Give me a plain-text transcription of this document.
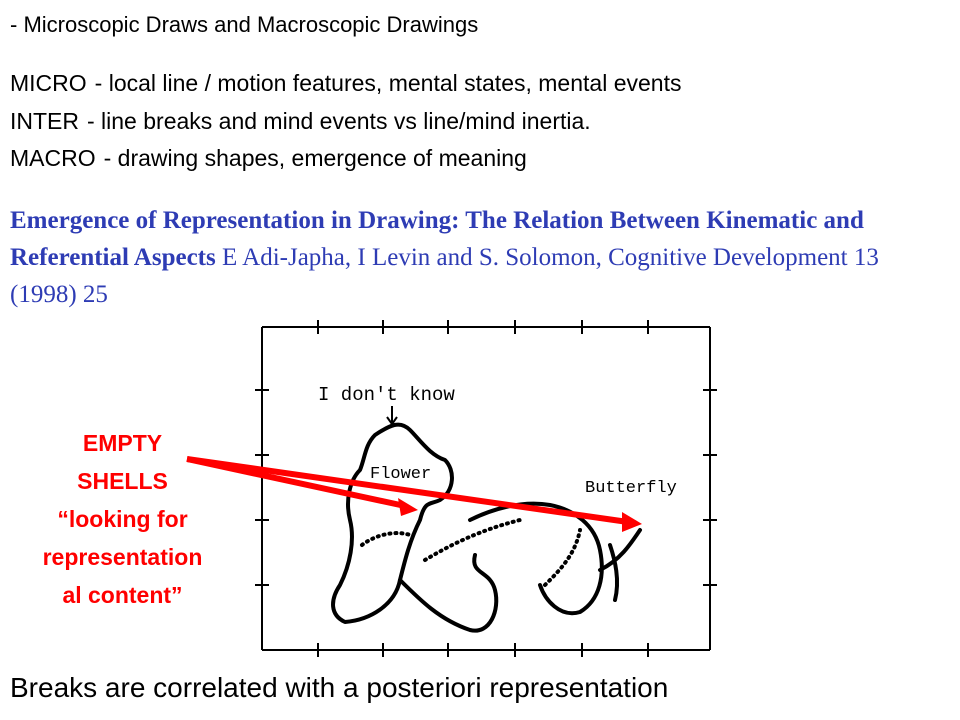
- Microscopic Draws and Macroscopic Drawings
MICRO - local line / motion features, mental states, mental events
INTER - line breaks and mind events vs line/mind inertia.
MACRO - drawing shapes, emergence of meaning
Emergence of Representation in Drawing: The Relation Between Kinematic and Referential Aspects E Adi-Japha, I Levin and S. Solomon, Cognitive Development 13 (1998) 25
I don't know
Flower
Butterfly
EMPTY
SHELLS
“looking for
representation
al content”
Breaks are correlated with a posteriori representation
